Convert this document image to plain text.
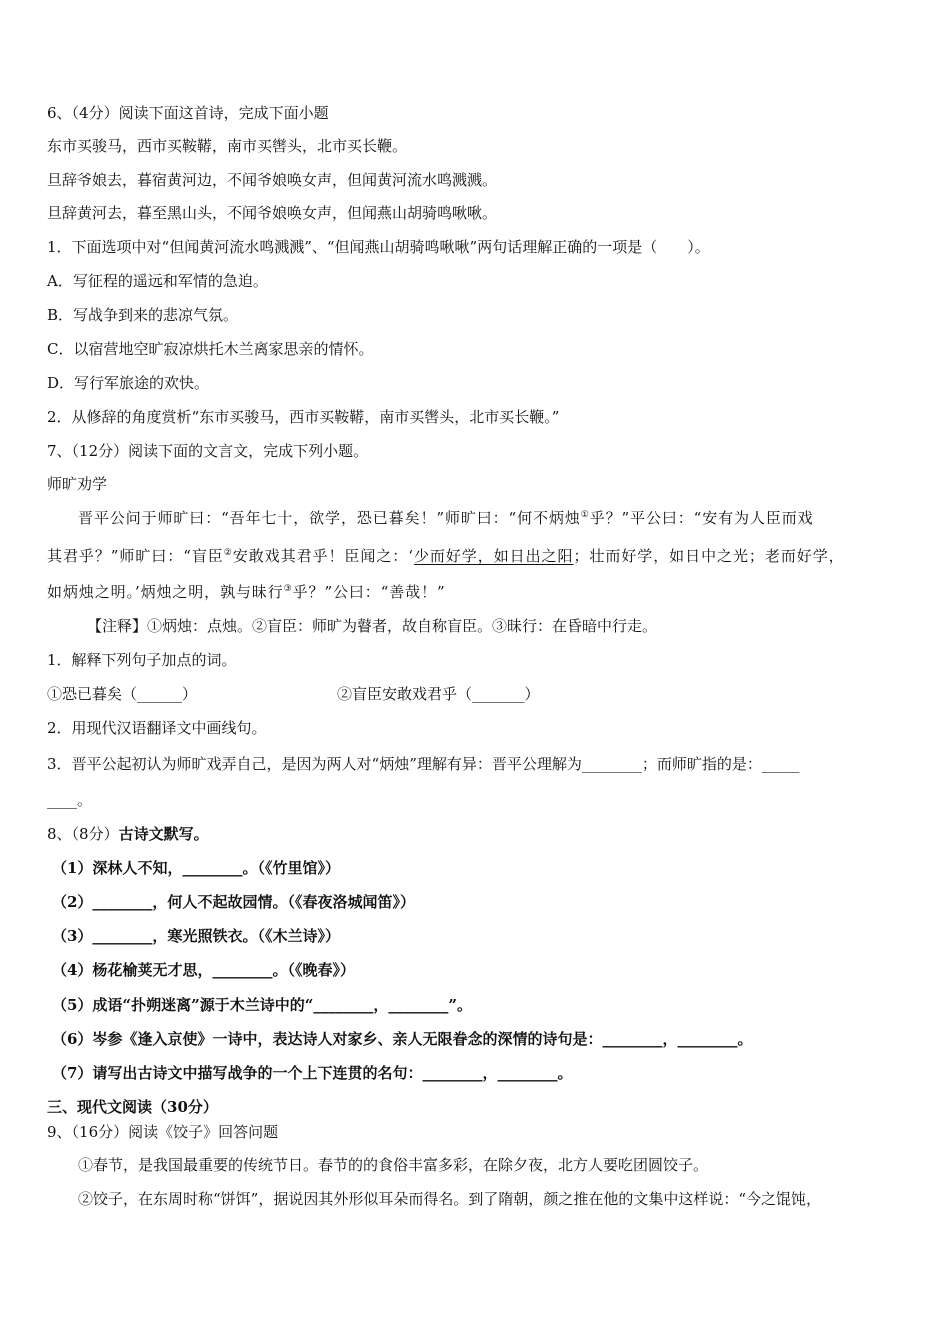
6、（4分）阅读下面这首诗，完成下面小题
东市买骏马，西市买鞍鞯，南市买辔头，北市买长鞭。
旦辞爷娘去，暮宿黄河边，不闻爷娘唤女声，但闻黄河流水鸣溅溅。
旦辞黄河去，暮至黑山头，不闻爷娘唤女声，但闻燕山胡骑鸣啾啾。
1．下面选项中对“但闻黄河流水鸣溅溅”、“但闻燕山胡骑鸣啾啾”两句话理解正确的一项是（　　）。
A．写征程的遥远和军情的急迫。
B．写战争到来的悲凉气氛。
C．以宿营地空旷寂凉烘托木兰离家思亲的情怀。
D．写行军旅途的欢快。
2．从修辞的角度赏析“东市买骏马，西市买鞍鞯，南市买辔头，北市买长鞭。”
7、（12分）阅读下面的文言文，完成下列小题。
师旷劝学
晋平公问于师旷曰：“吾年七十，欲学，恐已暮矣！”师旷曰：“何不炳烛①乎？”平公曰：“安有为人臣而戏
其君乎？”师旷曰：“盲臣②安敢戏其君乎！臣闻之：‘少而好学，如日出之阳；壮而好学，如日中之光；老而好学，
如炳烛之明。’炳烛之明，孰与昧行③乎？”公曰：“善哉！”
【注释】①炳烛：点烛。②盲臣：师旷为瞽者，故自称盲臣。③昧行：在昏暗中行走。
1．解释下列句子加点的词。
①恐已暮矣（______）	②盲臣安敢戏君乎（_______）
2．用现代汉语翻译文中画线句。
3．晋平公起初认为师旷戏弄自己，是因为两人对“炳烛”理解有异：晋平公理解为________；而师旷指的是：_____
____。
8、（8分）古诗文默写。
（1）深林人不知，________。（《竹里馆》）
（2）________，何人不起故园情。（《春夜洛城闻笛》）
（3）________，寒光照铁衣。（《木兰诗》）
（4）杨花榆荚无才思，________。（《晚春》）
（5）成语“扑朔迷离”源于木兰诗中的“________，________”。
（6）岑参《逢入京使》一诗中，表达诗人对家乡、亲人无限眷念的深情的诗句是：________，________。
（7）请写出古诗文中描写战争的一个上下连贯的名句：________，________。
三、现代文阅读（30分）
9、（16分）阅读《饺子》回答问题
①春节，是我国最重要的传统节日。春节的的食俗丰富多彩，在除夕夜，北方人要吃团圆饺子。
②饺子，在东周时称“饼饵”，据说因其外形似耳朵而得名。到了隋朝，颜之推在他的文集中这样说：“今之馄饨，
